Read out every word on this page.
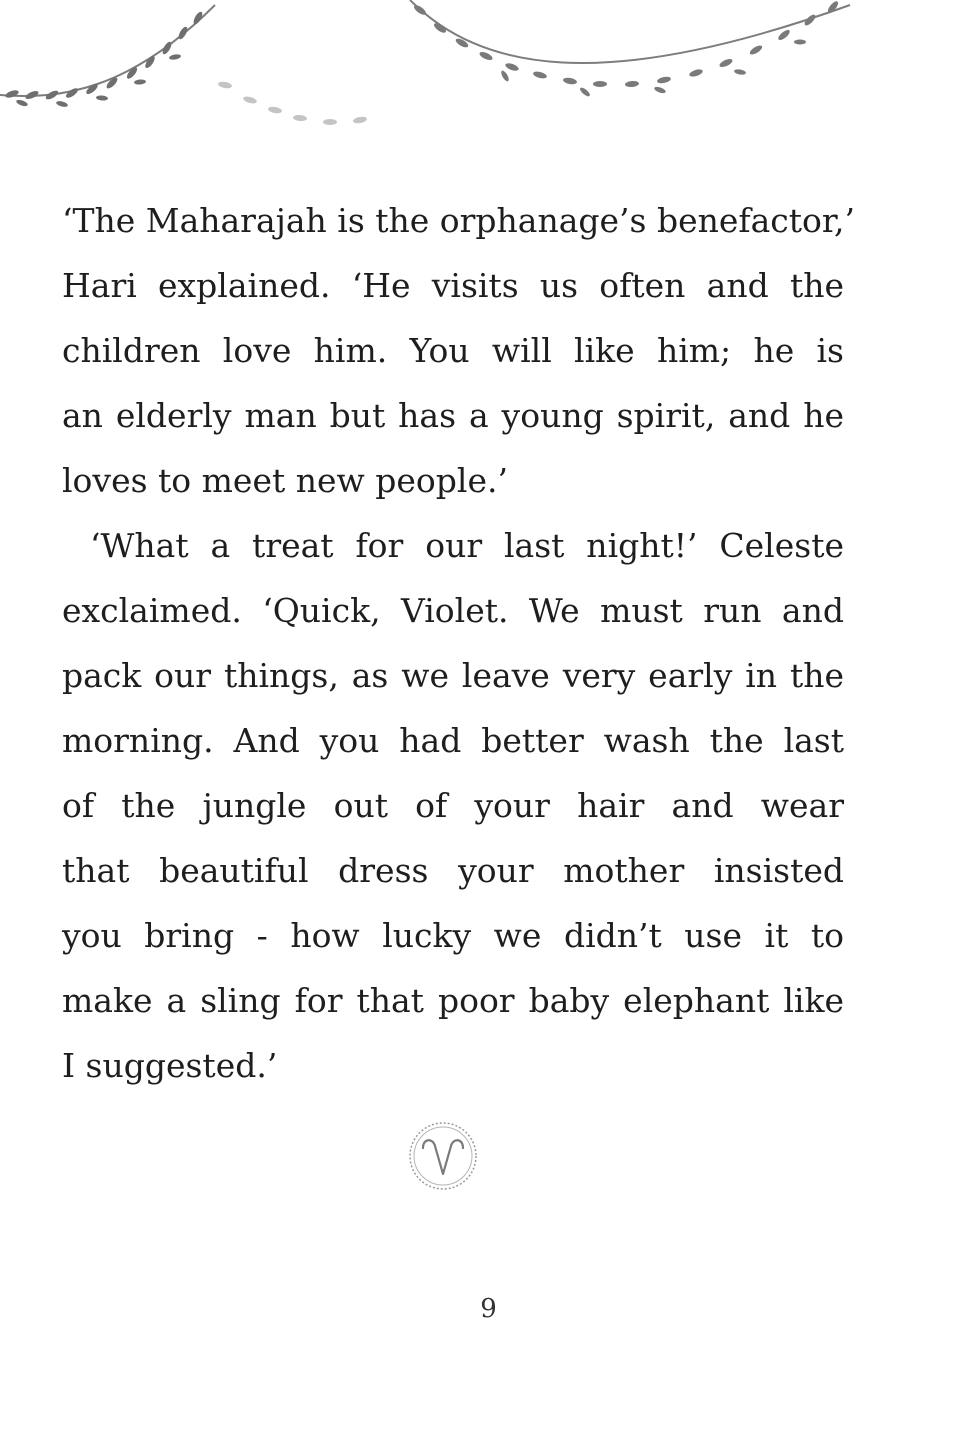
‘The Maharajah is the orphanage’s benefactor,’
Hari explained. ‘He visits us often and the
children love him. You will like him; he is
an elderly man but has a young spirit, and he
loves to meet new people.’
‘What a treat for our last night!’ Celeste
exclaimed. ‘Quick, Violet. We must run and
pack our things, as we leave very early in the
morning. And you had better wash the last
of the jungle out of your hair and wear
that beautiful dress your mother insisted
you bring - how lucky we didn’t use it to
make a sling for that poor baby elephant like
I suggested.’
9
